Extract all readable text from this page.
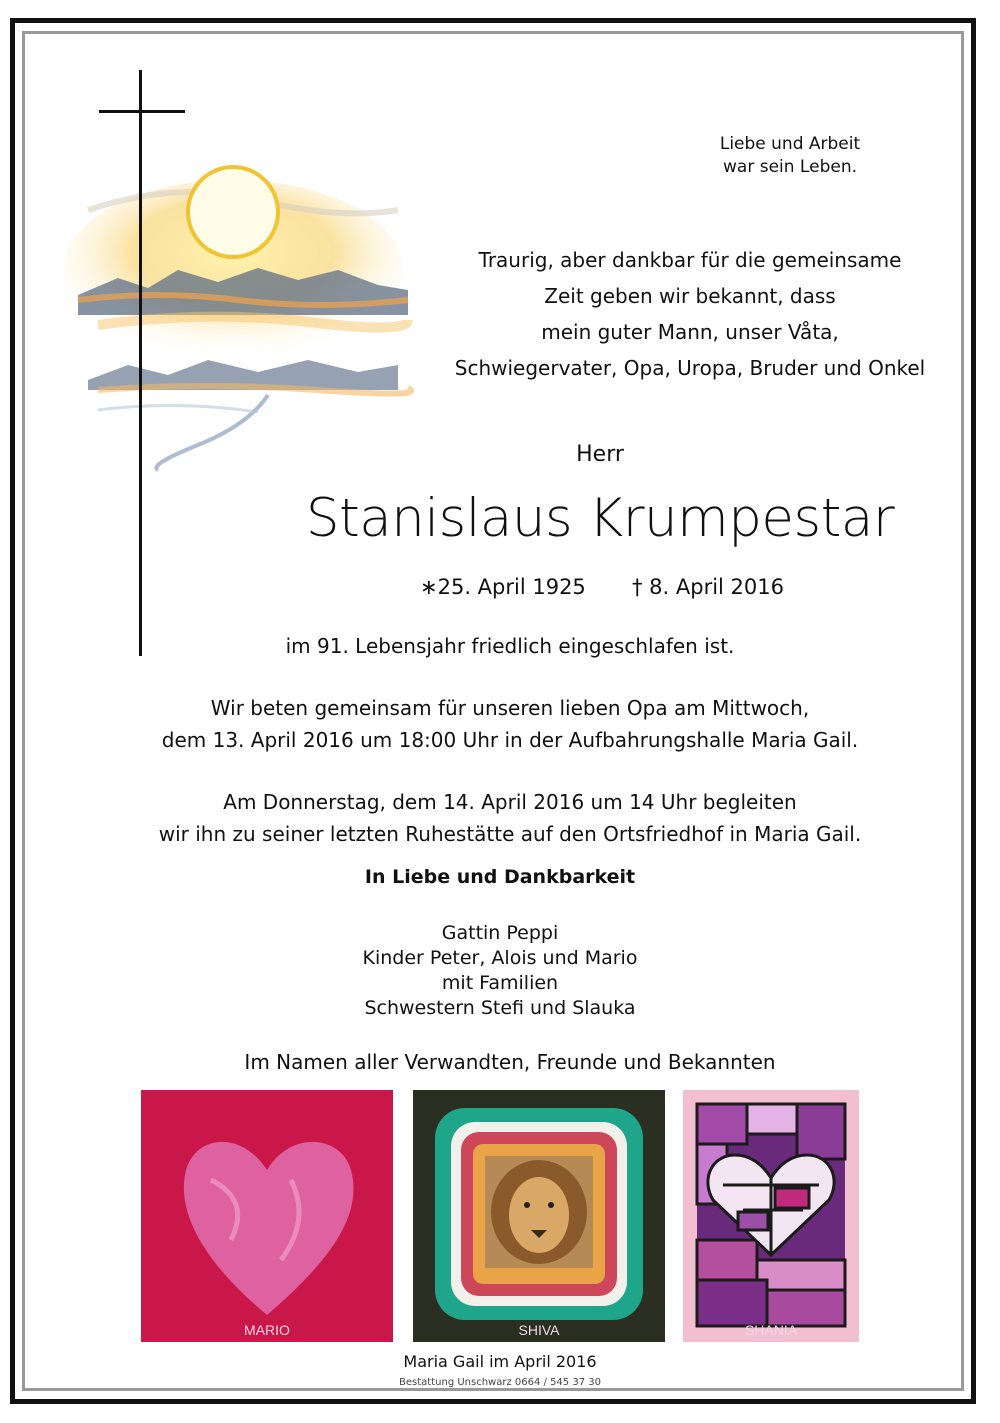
Liebe und Arbeit
war sein Leben.
Traurig, aber dankbar für die gemeinsame
Zeit geben wir bekannt, dass
mein guter Mann, unser Våta,
Schwiegervater, Opa, Uropa, Bruder und Onkel
Herr
Stanislaus Krumpestar
∗25. April 1925	† 8. April 2016
im 91. Lebensjahr friedlich eingeschlafen ist.
Wir beten gemeinsam für unseren lieben Opa am Mittwoch,
dem 13. April 2016 um 18:00 Uhr in der Aufbahrungshalle Maria Gail.
Am Donnerstag, dem 14. April 2016 um 14 Uhr begleiten
wir ihn zu seiner letzten Ruhestätte auf den Ortsfriedhof in Maria Gail.
In Liebe und Dankbarkeit
Gattin Peppi
Kinder Peter, Alois und Mario
mit Familien
Schwestern Stefi und Slauka
Im Namen aller Verwandten, Freunde und Bekannten
MARIO	SHIVA	SHANIA
Maria Gail im April 2016
Bestattung Unschwarz 0664 / 545 37 30
